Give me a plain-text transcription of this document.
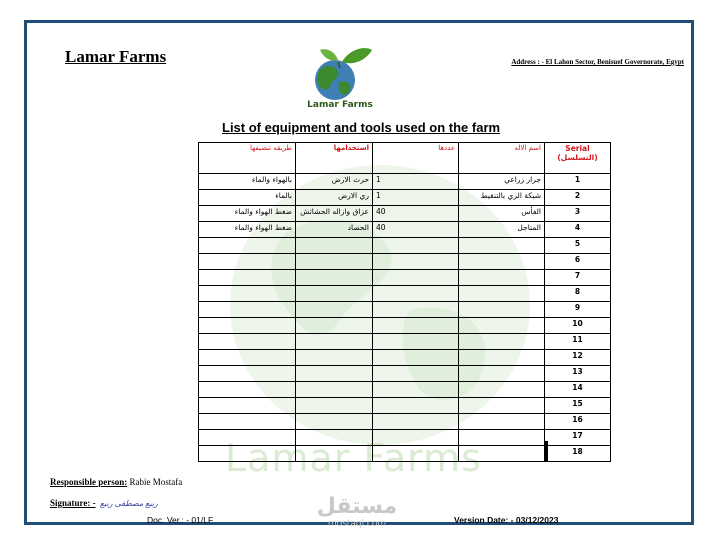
Lamar Farms
Lamar Farms	Address : - El Lahon Sector, Benisuef Governorate, Egypt
Lamar Farms
List of equipment and tools used on the farm
طريقه تنضيفها	استخدامها	عددها	اسم الاله	Serial (التسلسل)
بالهواء والماء	حرث الارض	1	جرار زراعي	1
بالماء	ري الارض	1	شبكة الري بالتنقيط	2
ضغط الهواء والماء	عزاق وازاله الحشائش	40	الفأس	3
ضغط الهواء والماء	الحصاد	40	المناجل	4
				5
				6
				7
				8
				9
				10
				11
				12
				13
				14
				15
				16
				17
				18
Responsible person: Rabie Mostafa
Signature: - ربيع مصطفى ربيع	مستقل
mostaql.com
Doc. Ver.: - 01/LF	Version Date: - 03/12/2023
